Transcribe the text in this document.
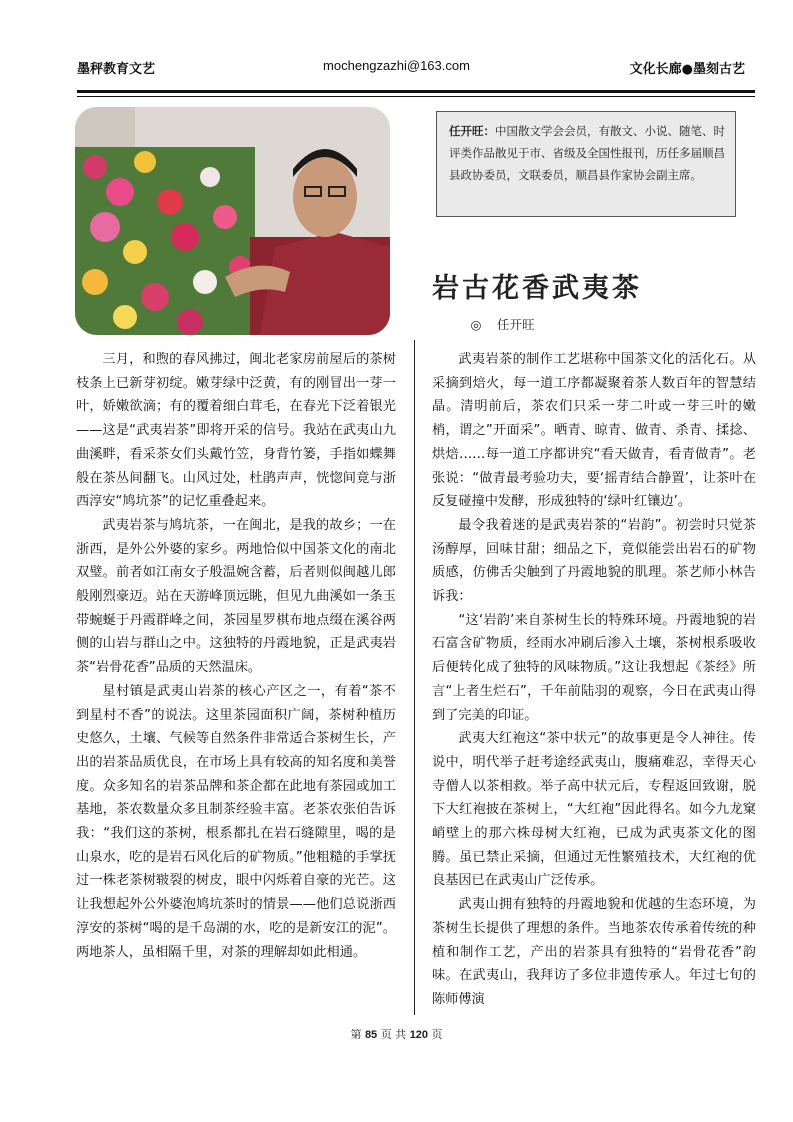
墨秤教育文艺	mochengzazhi@163.com	文化长廊●墨刻古艺
任开旺：中国散文学会会员，有散文、小说、随笔、时评类作品散见于市、省级及全国性报刊，历任多届顺昌县政协委员，文联委员，顺昌县作家协会副主席。
岩古花香武夷茶
◎ 任开旺

三月，和煦的春风拂过，闽北老家房前屋后的茶树枝条上已新芽初绽。嫩芽绿中泛黄，有的刚冒出一芽一叶，娇嫩欲滴；有的覆着细白茸毛，在春光下泛着银光——这是“武夷岩茶”即将开采的信号。我站在武夷山九曲溪畔，看采茶女们头戴竹笠，身背竹篓，手指如蝶舞般在茶丛间翻飞。山风过处，杜鹃声声，恍惚间竟与浙西淳安“鸠坑茶”的记忆重叠起来。

武夷岩茶与鸠坑茶，一在闽北，是我的故乡；一在浙西，是外公外婆的家乡。两地恰似中国茶文化的南北双璧。前者如江南女子般温婉含蓄，后者则似闽越儿郎般刚烈豪迈。站在天游峰顶远眺，但见九曲溪如一条玉带蜿蜒于丹霞群峰之间，茶园星罗棋布地点缀在溪谷两侧的山岩与群山之中。这独特的丹霞地貌，正是武夷岩茶“岩骨花香”品质的天然温床。

星村镇是武夷山岩茶的核心产区之一，有着“茶不到星村不香”的说法。这里茶园面积广阔，茶树种植历史悠久，土壤、气候等自然条件非常适合茶树生长，产出的岩茶品质优良，在市场上具有较高的知名度和美誉度。众多知名的岩茶品牌和茶企都在此地有茶园或加工基地，茶农数量众多且制茶经验丰富。老茶农张伯告诉我：“我们这的茶树，根系都扎在岩石缝隙里，喝的是山泉水，吃的是岩石风化后的矿物质。”他粗糙的手掌抚过一株老茶树皲裂的树皮，眼中闪烁着自豪的光芒。这让我想起外公外婆泡鸠坑茶时的情景——他们总说浙西淳安的茶树“喝的是千岛湖的水，吃的是新安江的泥”。两地茶人，虽相隔千里，对茶的理解却如此相通。

武夷岩茶的制作工艺堪称中国茶文化的活化石。从采摘到焙火，每一道工序都凝聚着茶人数百年的智慧结晶。清明前后，茶农们只采一芽二叶或一芽三叶的嫩梢，谓之”开面采”。晒青、晾青、做青、杀青、揉捻、烘焙……每一道工序都讲究“看天做青，看青做青”。老张说：“做青最考验功夫，要‘摇青结合静置’，让茶叶在反复碰撞中发酵，形成独特的‘绿叶红镶边’。

最令我着迷的是武夷岩茶的“岩韵”。初尝时只觉茶汤醇厚，回味甘甜；细品之下，竟似能尝出岩石的矿物质感，仿佛舌尖触到了丹霞地貌的肌理。茶艺师小林告诉我：

“这‘岩韵’来自茶树生长的特殊环境。丹霞地貌的岩石富含矿物质，经雨水冲刷后渗入土壤，茶树根系吸收后便转化成了独特的风味物质。”这让我想起《茶经》所言“上者生烂石”，千年前陆羽的观察，今日在武夷山得到了完美的印证。

武夷大红袍这“茶中状元”的故事更是令人神往。传说中，明代举子赶考途经武夷山，腹痛难忍，幸得天心寺僧人以茶相救。举子高中状元后，专程返回致谢，脱下大红袍披在茶树上，“大红袍”因此得名。如今九龙窠峭壁上的那六株母树大红袍，已成为武夷茶文化的图腾。虽已禁止采摘，但通过无性繁殖技术，大红袍的优良基因已在武夷山广泛传承。

武夷山拥有独特的丹霞地貌和优越的生态环境，为茶树生长提供了理想的条件。当地茶农传承着传统的种植和制作工艺，产出的岩茶具有独特的“岩骨花香”韵味。在武夷山，我拜访了多位非遗传承人。年过七旬的陈师傅演

第 85 页 共 120 页
